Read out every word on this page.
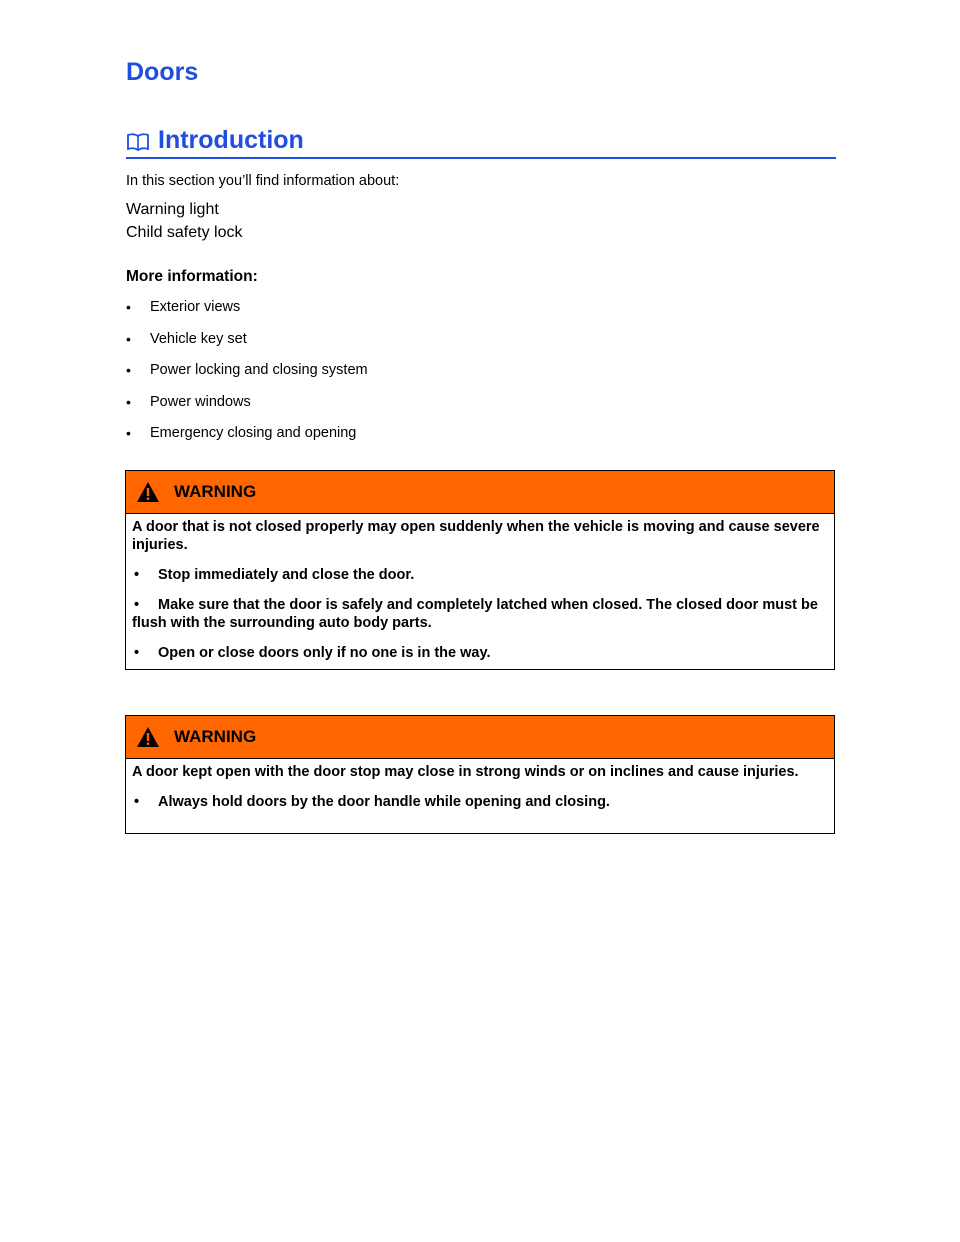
Doors
Introduction
In this section you’ll find information about:
Warning light
Child safety lock
More information:
•	Exterior views
•	Vehicle key set
•	Power locking and closing system
•	Power windows
•	Emergency closing and opening
WARNING

A door that is not closed properly may open suddenly when the vehicle is moving and cause severe injuries.

• Stop immediately and close the door.

• Make sure that the door is safely and completely latched when closed. The closed door must be flush with the surrounding auto body parts.

• Open or close doors only if no one is in the way.

WARNING

A door kept open with the door stop may close in strong winds or on inclines and cause injuries.

• Always hold doors by the door handle while opening and closing.
